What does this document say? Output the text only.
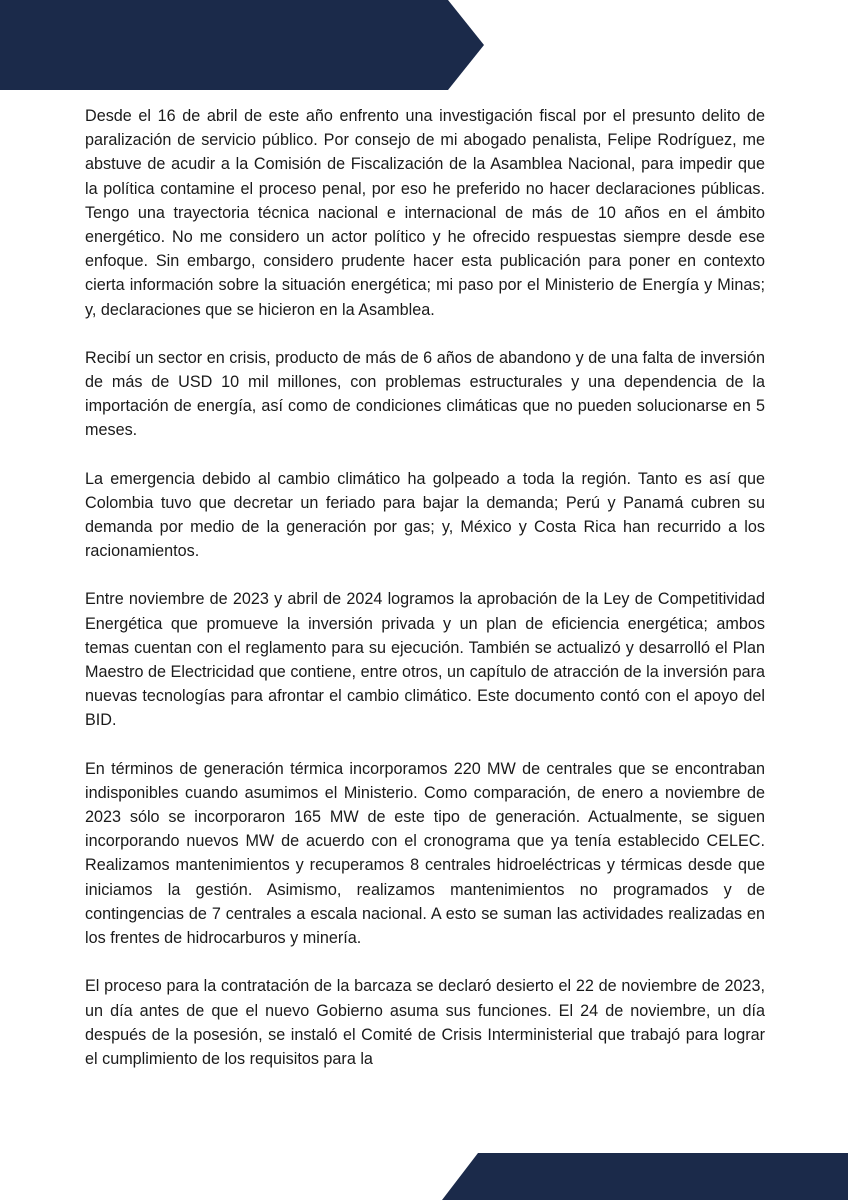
Desde el 16 de abril de este año enfrento una investigación fiscal por el presunto delito de paralización de servicio público. Por consejo de mi abogado penalista, Felipe Rodríguez, me abstuve de acudir a la Comisión de Fiscalización de la Asamblea Nacional, para impedir que la política contamine el proceso penal, por eso he preferido no hacer declaraciones públicas. Tengo una trayectoria técnica nacional e internacional de más de 10 años en el ámbito energético. No me considero un actor político y he ofrecido respuestas siempre desde ese enfoque. Sin embargo, considero prudente hacer esta publicación para poner en contexto cierta información sobre la situación energética; mi paso por el Ministerio de Energía y Minas; y, declaraciones que se hicieron en la Asamblea.

Recibí un sector en crisis, producto de más de 6 años de abandono y de una falta de inversión de más de USD 10 mil millones, con problemas estructurales y una dependencia de la importación de energía, así como de condiciones climáticas que no pueden solucionarse en 5 meses.

La emergencia debido al cambio climático ha golpeado a toda la región. Tanto es así que Colombia tuvo que decretar un feriado para bajar la demanda; Perú y Panamá cubren su demanda por medio de la generación por gas; y, México y Costa Rica han recurrido a los racionamientos.

Entre noviembre de 2023 y abril de 2024 logramos la aprobación de la Ley de Competitividad Energética que promueve la inversión privada y un plan de eficiencia energética; ambos temas cuentan con el reglamento para su ejecución. También se actualizó y desarrolló el Plan Maestro de Electricidad que contiene, entre otros, un capítulo de atracción de la inversión para nuevas tecnologías para afrontar el cambio climático. Este documento contó con el apoyo del BID.

En términos de generación térmica incorporamos 220 MW de centrales que se encontraban indisponibles cuando asumimos el Ministerio. Como comparación, de enero a noviembre de 2023 sólo se incorporaron 165 MW de este tipo de generación. Actualmente, se siguen incorporando nuevos MW de acuerdo con el cronograma que ya tenía establecido CELEC. Realizamos mantenimientos y recuperamos 8 centrales hidroeléctricas y térmicas desde que iniciamos la gestión. Asimismo, realizamos mantenimientos no programados y de contingencias de 7 centrales a escala nacional. A esto se suman las actividades realizadas en los frentes de hidrocarburos y minería.

El proceso para la contratación de la barcaza se declaró desierto el 22 de noviembre de 2023, un día antes de que el nuevo Gobierno asuma sus funciones. El 24 de noviembre, un día después de la posesión, se instaló el Comité de Crisis Interministerial que trabajó para lograr el cumplimiento de los requisitos para la
